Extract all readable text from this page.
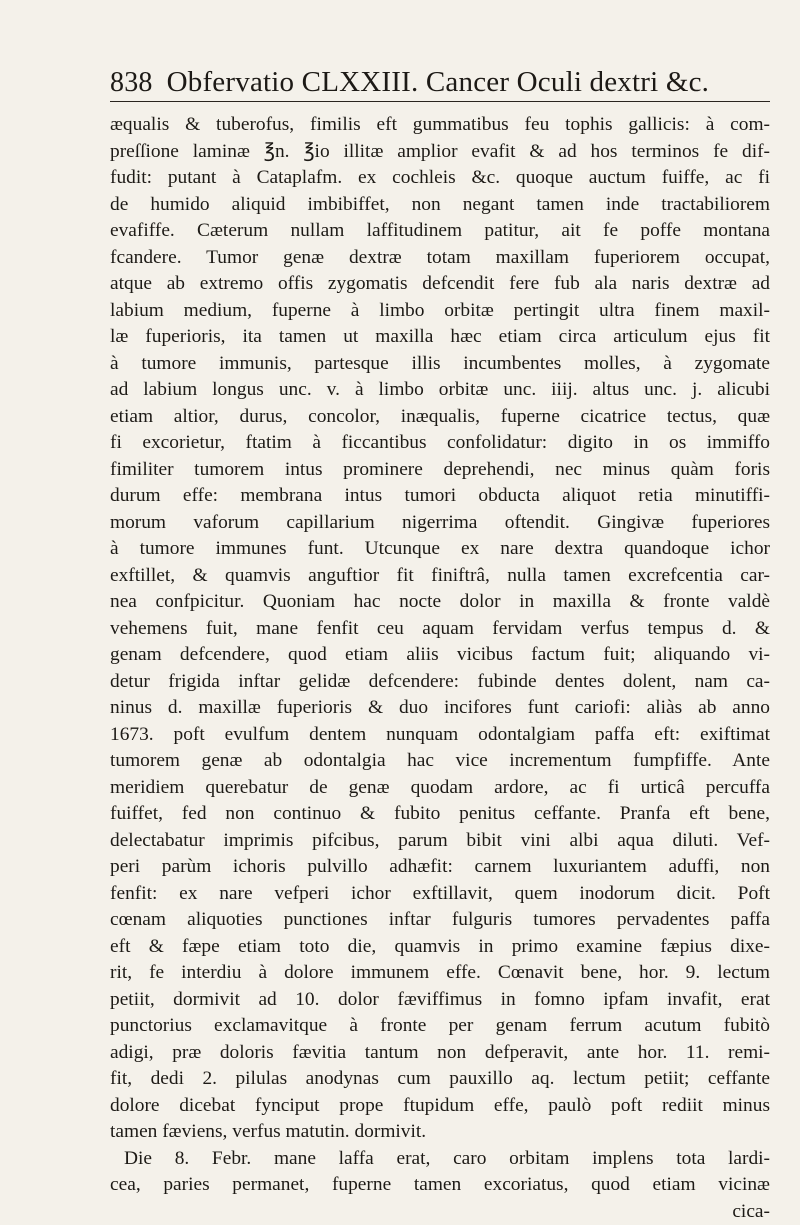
838 Obfervatio CLXXIII. Cancer Oculi dextri &c.
æqualis & tuberofus, fimilis eft gummatibus feu tophis gallicis: à com-
preſſione laminæ ℥n. ℥io illitæ amplior evafit & ad hos terminos fe dif-
fudit: putant à Cataplafm. ex cochleis &c. quoque auctum fuiffe, ac fi
de humido aliquid imbibiffet, non negant tamen inde tractabiliorem
evafiffe. Cæterum nullam laffitudinem patitur, ait fe poffe montana
fcandere. Tumor genæ dextræ totam maxillam fuperiorem occupat,
atque ab extremo offis zygomatis defcendit fere fub ala naris dextræ ad
labium medium, fuperne à limbo orbitæ pertingit ultra finem maxil-
læ fuperioris, ita tamen ut maxilla hæc etiam circa articulum ejus fit
à tumore immunis, partesque illis incumbentes molles, à zygomate
ad labium longus unc. v. à limbo orbitæ unc. iiij. altus unc. j. alicubi
etiam altior, durus, concolor, inæqualis, fuperne cicatrice tectus, quæ
fi excorietur, ftatim à ficcantibus confolidatur: digito in os immiffo
fimiliter tumorem intus prominere deprehendi, nec minus quàm foris
durum effe: membrana intus tumori obducta aliquot retia minutiffi-
morum vaforum capillarium nigerrima oftendit. Gingivæ fuperiores
à tumore immunes funt. Utcunque ex nare dextra quandoque ichor
exftillet, & quamvis anguftior fit finiftrâ, nulla tamen excrefcentia car-
nea confpicitur. Quoniam hac nocte dolor in maxilla & fronte valdè
vehemens fuit, mane fenfit ceu aquam fervidam verfus tempus d. &
genam defcendere, quod etiam aliis vicibus factum fuit; aliquando vi-
detur frigida inftar gelidæ defcendere: fubinde dentes dolent, nam ca-
ninus d. maxillæ fuperioris & duo incifores funt cariofi: aliàs ab anno
1673. poft evulfum dentem nunquam odontalgiam paffa eft: exiftimat
tumorem genæ ab odontalgia hac vice incrementum fumpfiffe. Ante
meridiem querebatur de genæ quodam ardore, ac fi urticâ percuffa
fuiffet, fed non continuo & fubito penitus ceffante. Pranfa eft bene,
delectabatur imprimis pifcibus, parum bibit vini albi aqua diluti. Vef-
peri parùm ichoris pulvillo adhæfit: carnem luxuriantem aduffi, non
fenfit: ex nare vefperi ichor exftillavit, quem inodorum dicit. Poft
cœnam aliquoties punctiones inftar fulguris tumores pervadentes paffa
eft & fæpe etiam toto die, quamvis in primo examine fæpius dixe-
rit, fe interdiu à dolore immunem effe. Cœnavit bene, hor. 9. lectum
petiit, dormivit ad 10. dolor fæviffimus in fomno ipfam invafit, erat
punctorius exclamavitque à fronte per genam ferrum acutum fubitò
adigi, præ doloris fævitia tantum non defperavit, ante hor. 11. remi-
fit, dedi 2. pilulas anodynas cum pauxillo aq. lectum petiit; ceffante
dolore dicebat fynciput prope ftupidum effe, paulò poft rediit minus
tamen fæviens, verfus matutin. dormivit.
Die 8. Febr. mane laffa erat, caro orbitam implens tota lardi-
cea, paries permanet, fuperne tamen excoriatus, quod etiam vicinæ
cica-
